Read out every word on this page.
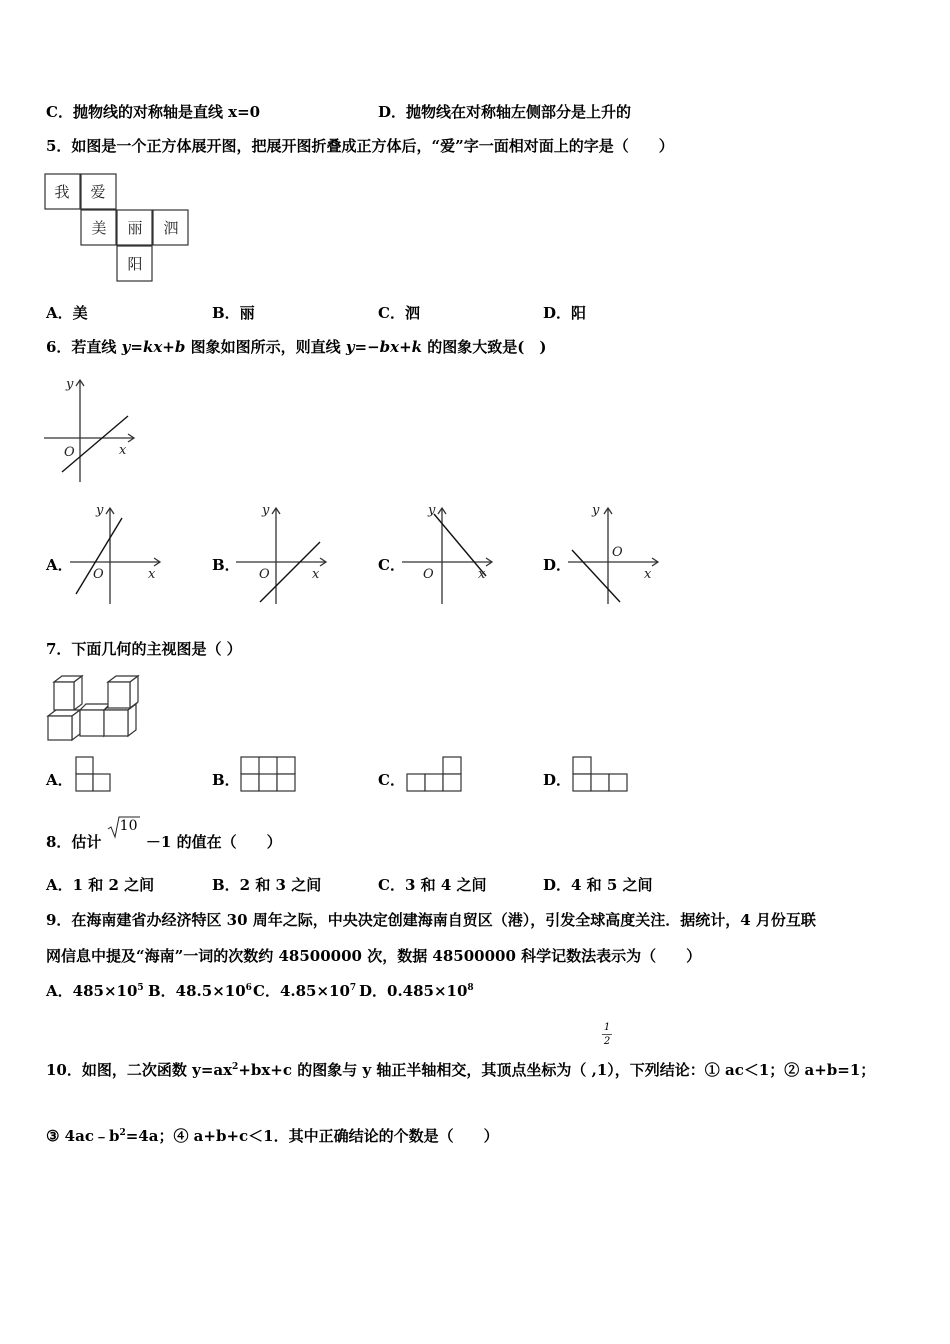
C．抛物线的对称轴是直线 x=0	D．抛物线在对称轴左侧部分是上升的
5．如图是一个正方体展开图，把展开图折叠成正方体后，“爱”字一面相对面上的字是（　　）
我 爱
美 丽 泗
阳
A．美	B．丽	C．泗	D．阳
6．若直线 y=kx+b 图象如图所示，则直线 y=−bx+k 的图象大致是(　)
O	x
y
A．
O	x
y
B．
O	x
y
C．
O	x
y
D．
O
x
y
7．下面几何的主视图是（ ）
A．	B．	C．	D．
8．估计
10
－1 的值在（　　）
A．1 和 2 之间	B．2 和 3 之间	C．3 和 4 之间	D．4 和 5 之间
9．在海南建省办经济特区 30 周年之际，中央决定创建海南自贸区（港），引发全球高度关注．据统计，4 月份互联
网信息中提及“海南”一词的次数约 48500000 次，数据 48500000 科学记数法表示为（　　）
A．$485\times 10^5$ B．$48.5\times 10^6$ C．$4.85\times 10^7$ D．$0.485\times 10^8$
1
2
10．如图，二次函数 $y=ax^2+bx+c$ 的图象与 y 轴正半轴相交，其顶点坐标为（ ,1），下列结论：① ac＜1；② a+b=1；
③ $4ac﹣b^2=4a$；④ a+b+c＜1．其中正确结论的个数是（　　）
